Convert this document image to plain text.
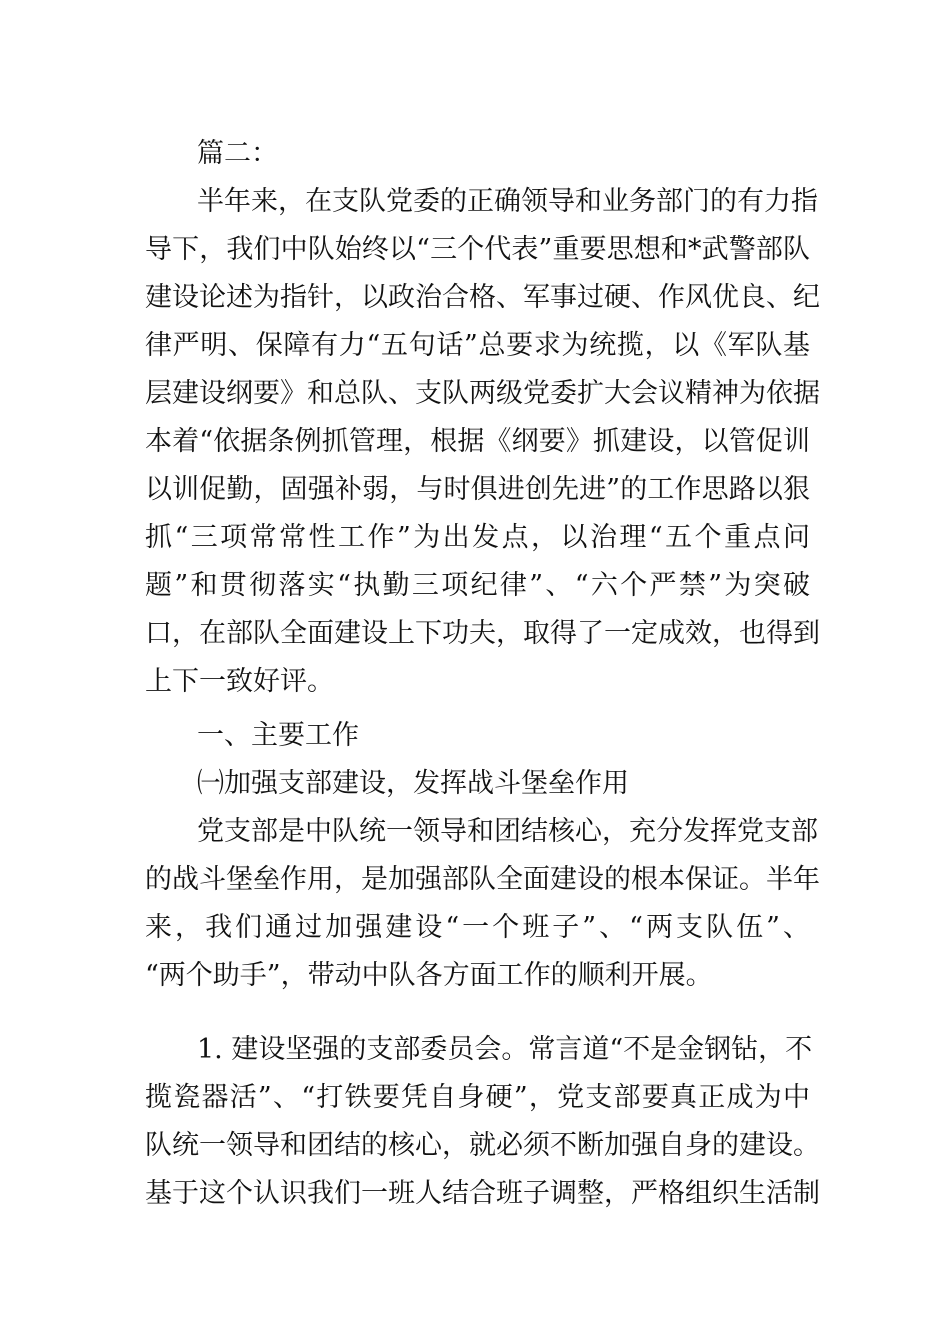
篇二：
半年来，在支队党委的正确领导和业务部门的有力指
导下，我们中队始终以“三个代表”重要思想和*武警部队
建设论述为指针，以政治合格、军事过硬、作风优良、纪
律严明、保障有力“五句话”总要求为统揽，以《军队基
层建设纲要》和总队、支队两级党委扩大会议精神为依据
本着“依据条例抓管理，根据《纲要》抓建设，以管促训
以训促勤，固强补弱，与时俱进创先进”的工作思路以狠
抓“三项常常性工作”为出发点，以治理“五个重点问
题”和贯彻落实“执勤三项纪律”、“六个严禁”为突破
口，在部队全面建设上下功夫，取得了一定成效，也得到
上下一致好评。
一、主要工作
㈠加强支部建设，发挥战斗堡垒作用
党支部是中队统一领导和团结核心，充分发挥党支部
的战斗堡垒作用，是加强部队全面建设的根本保证。半年
来，我们通过加强建设“一个班子”、“两支队伍”、
“两个助手”，带动中队各方面工作的顺利开展。
1. 建设坚强的支部委员会。常言道“不是金钢钻，不
揽瓷器活”、“打铁要凭自身硬”，党支部要真正成为中
队统一领导和团结的核心，就必须不断加强自身的建设。
基于这个认识我们一班人结合班子调整，严格组织生活制
